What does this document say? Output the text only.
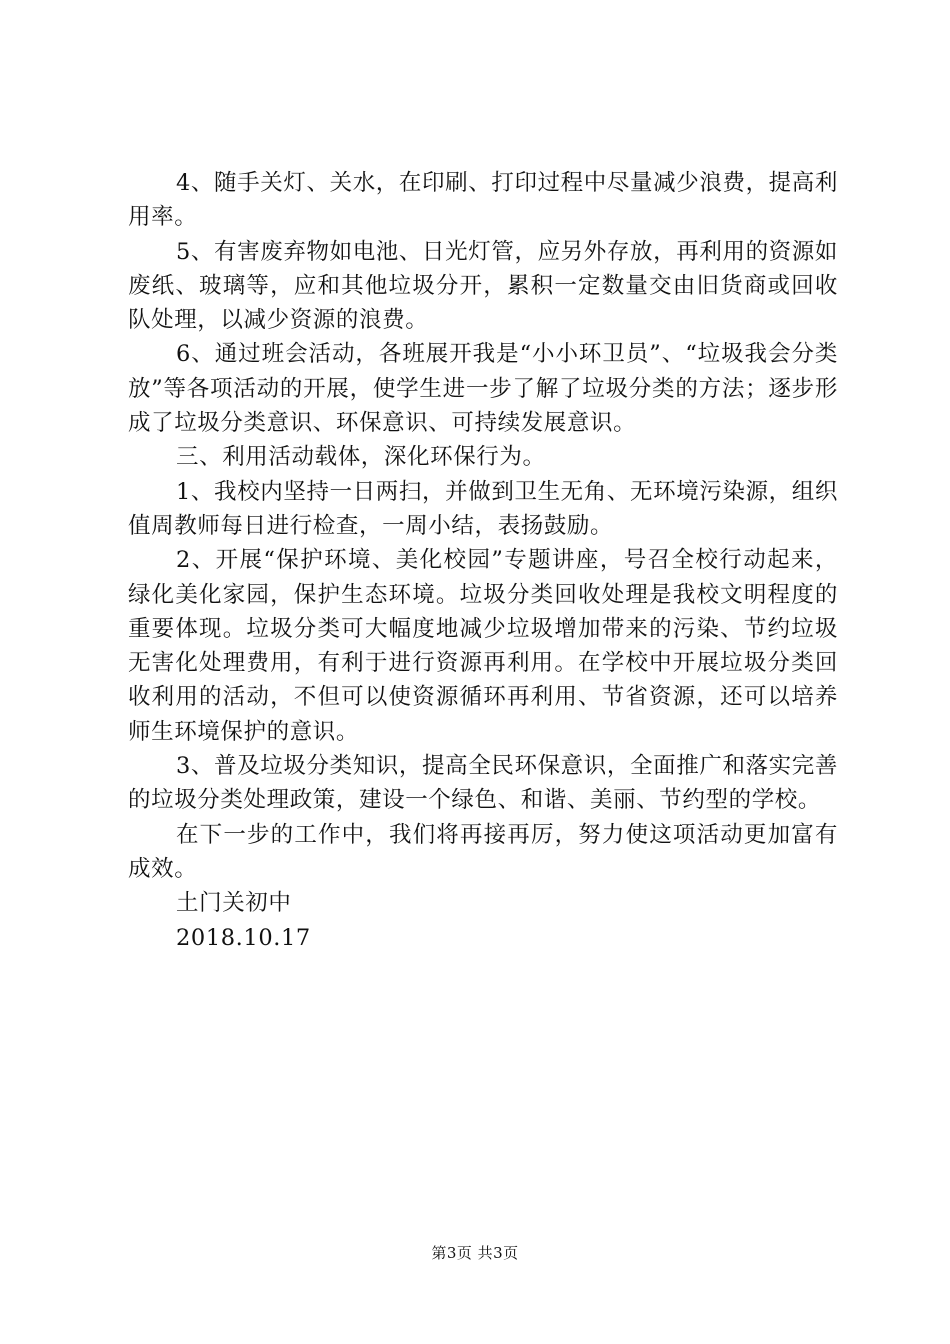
4、随手关灯、关水，在印刷、打印过程中尽量减少浪费，提高利用率。

5、有害废弃物如电池、日光灯管，应另外存放，再利用的资源如废纸、玻璃等，应和其他垃圾分开，累积一定数量交由旧货商或回收队处理，以减少资源的浪费。

6、通过班会活动，各班展开我是“小小环卫员”、“垃圾我会分类放”等各项活动的开展，使学生进一步了解了垃圾分类的方法；逐步形成了垃圾分类意识、环保意识、可持续发展意识。

三、利用活动载体，深化环保行为。

1、我校内坚持一日两扫，并做到卫生无角、无环境污染源，组织值周教师每日进行检查，一周小结，表扬鼓励。

2、开展“保护环境、美化校园”专题讲座，号召全校行动起来，绿化美化家园，保护生态环境。垃圾分类回收处理是我校文明程度的重要体现。垃圾分类可大幅度地减少垃圾增加带来的污染、节约垃圾无害化处理费用，有利于进行资源再利用。在学校中开展垃圾分类回收利用的活动，不但可以使资源循环再利用、节省资源，还可以培养师生环境保护的意识。

3、普及垃圾分类知识，提高全民环保意识，全面推广和落实完善的垃圾分类处理政策，建设一个绿色、和谐、美丽、节约型的学校。

在下一步的工作中，我们将再接再厉，努力使这项活动更加富有成效。

土门关初中

2018.10.17

第3页 共3页
